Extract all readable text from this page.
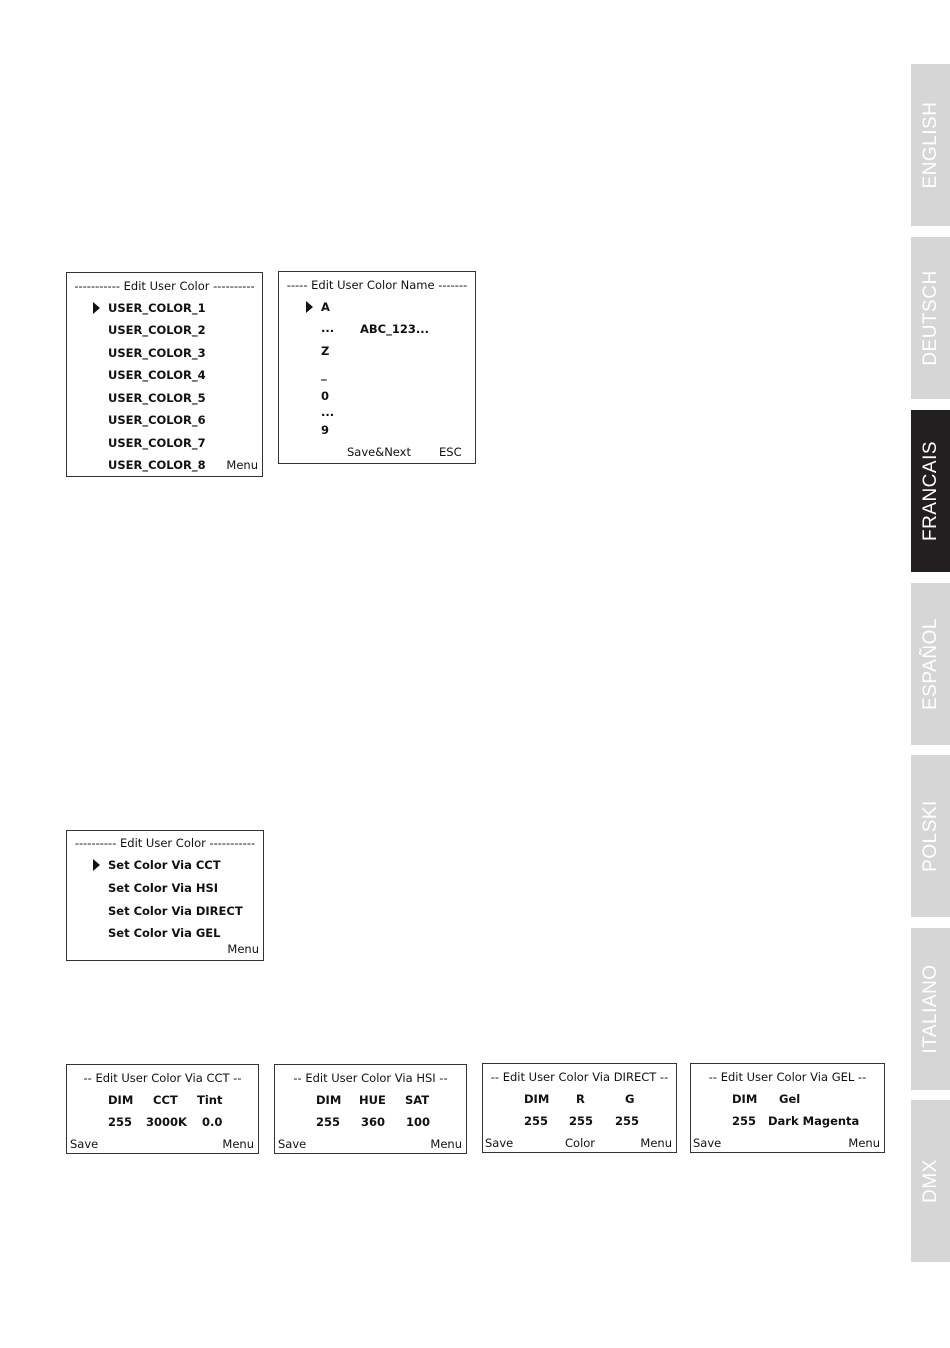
----------- Edit User Color ----------
USER_COLOR_1
USER_COLOR_2
USER_COLOR_3
USER_COLOR_4
USER_COLOR_5
USER_COLOR_6
USER_COLOR_7
USER_COLOR_8 Menu
----- Edit User Color Name -------
A
...
Z
_
0
...
9
ABC_123...
Save&Next ESC
---------- Edit User Color -----------
Set Color Via CCT
Set Color Via HSI
Set Color Via DIRECT
Set Color Via GEL
Menu
-- Edit User Color Via CCT --
DIM CCT Tint
255 3000K 0.0
Save	Menu
-- Edit User Color Via HSI --
DIM HUE SAT
255 360 100
Save	Menu
-- Edit User Color Via DIRECT --
DIM R	G
255 255 255
Save	Color	Menu
-- Edit User Color Via GEL --
DIM Gel
255 Dark Magenta
Save	Menu
ENGLISH
DEUTSCH
FRANCAIS
ESPAÑOL
POLSKI
ITALIANO
DMX
